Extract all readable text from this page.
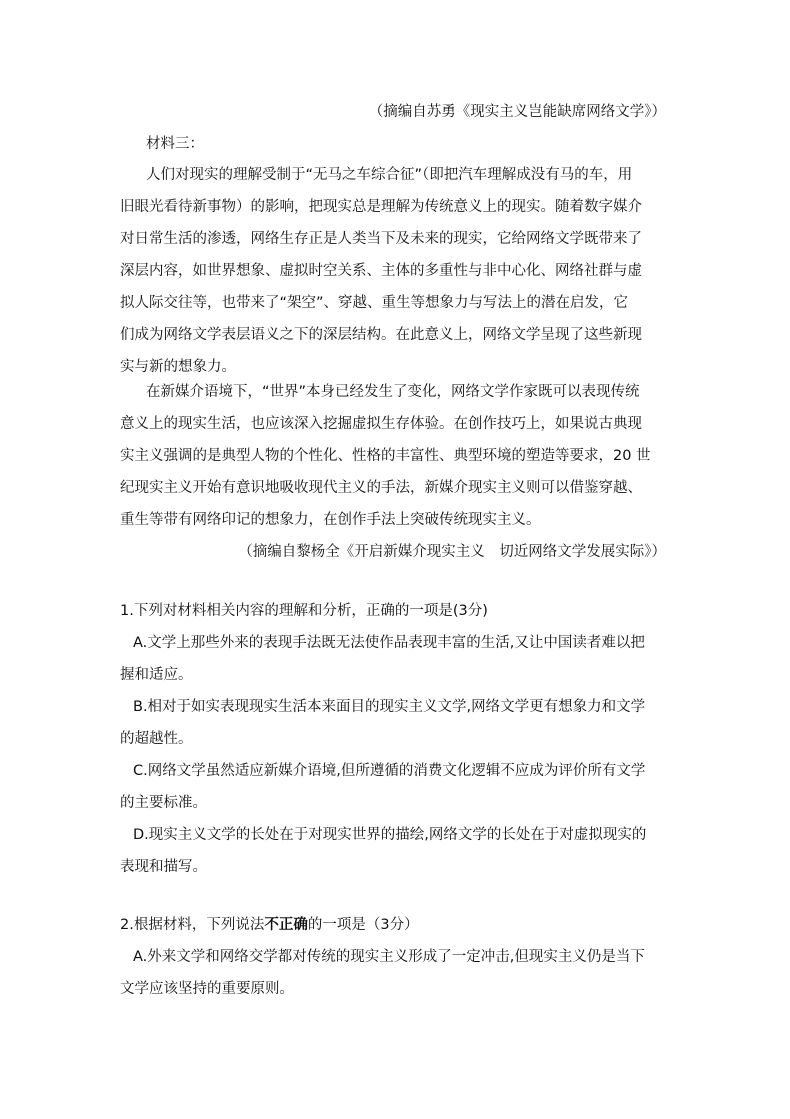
（摘编自苏勇《现实主义岂能缺席网络文学》）
材料三：
人们对现实的理解受制于“无马之车综合征”（即把汽车理解成没有马的车，用
旧眼光看待新事物）的影响，把现实总是理解为传统意义上的现实。随着数字媒介
对日常生活的渗透，网络生存正是人类当下及未来的现实，它给网络文学既带来了
深层内容，如世界想象、虚拟时空关系、主体的多重性与非中心化、网络社群与虚
拟人际交往等，也带来了“架空”、穿越、重生等想象力与写法上的潜在启发，它
们成为网络文学表层语义之下的深层结构。在此意义上，网络文学呈现了这些新现
实与新的想象力。
在新媒介语境下，“世界”本身已经发生了变化，网络文学作家既可以表现传统
意义上的现实生活，也应该深入挖掘虚拟生存体验。在创作技巧上，如果说古典现
实主义强调的是典型人物的个性化、性格的丰富性、典型环境的塑造等要求，20 世
纪现实主义开始有意识地吸收现代主义的手法，新媒介现实主义则可以借鉴穿越、
重生等带有网络印记的想象力，在创作手法上突破传统现实主义。
（摘编自黎杨全《开启新媒介现实主义　切近网络文学发展实际》）
1.下列对材料相关内容的理解和分析，正确的一项是(3分)
A.文学上那些外来的表现手法既无法使作品表现丰富的生活,又让中国读者难以把
握和适应。
B.相对于如实表现现实生活本来面目的现实主义文学,网络文学更有想象力和文学
的超越性。
C.网络文学虽然适应新媒介语境,但所遵循的消费文化逻辑不应成为评价所有文学
的主要标准。
D.现实主义文学的长处在于对现实世界的描绘,网络文学的长处在于对虚拟现实的
表现和描写。
2.根据材料，下列说法不正确的一项是（3分）
A.外来文学和网络交学都对传统的现实主义形成了一定冲击,但现实主义仍是当下
文学应该坚持的重要原则。
